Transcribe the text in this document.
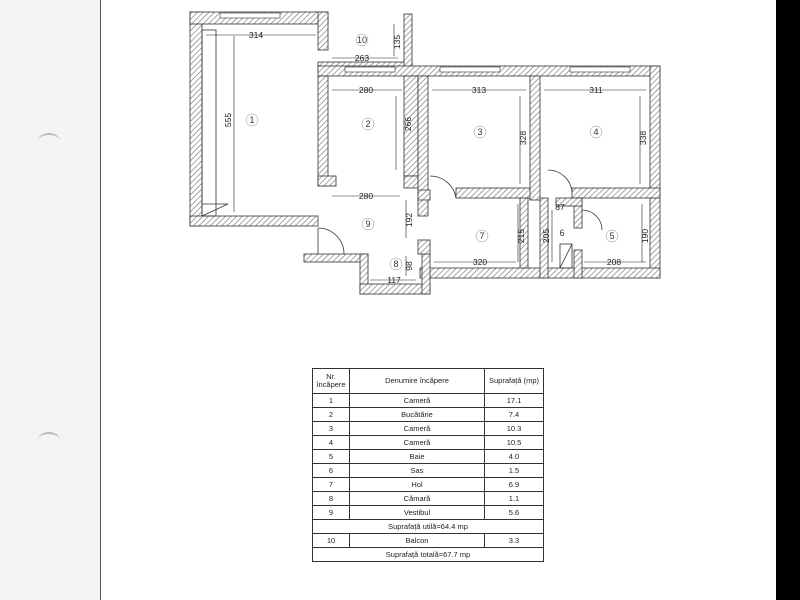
1	2
3	4
5
6
7
8
9
10
314
263
135
555
280
266
313
328
311
338
280
192
87
215 205	190
320	208
117
98
Nr. încăpere	Denumire încăpere	Suprafață (mp)
1	Cameră	17.1
2	Bucătărie	7.4
3	Cameră	10.3
4	Cameră	10.5
5	Baie	4.0
6	Sas	1.5
7	Hol	6.9
8	Cămară	1.1
9	Vestibul	5.6
Suprafață utilă=64.4 mp		
10	Balcon	3.3
Suprafață totală=67.7 mp		
